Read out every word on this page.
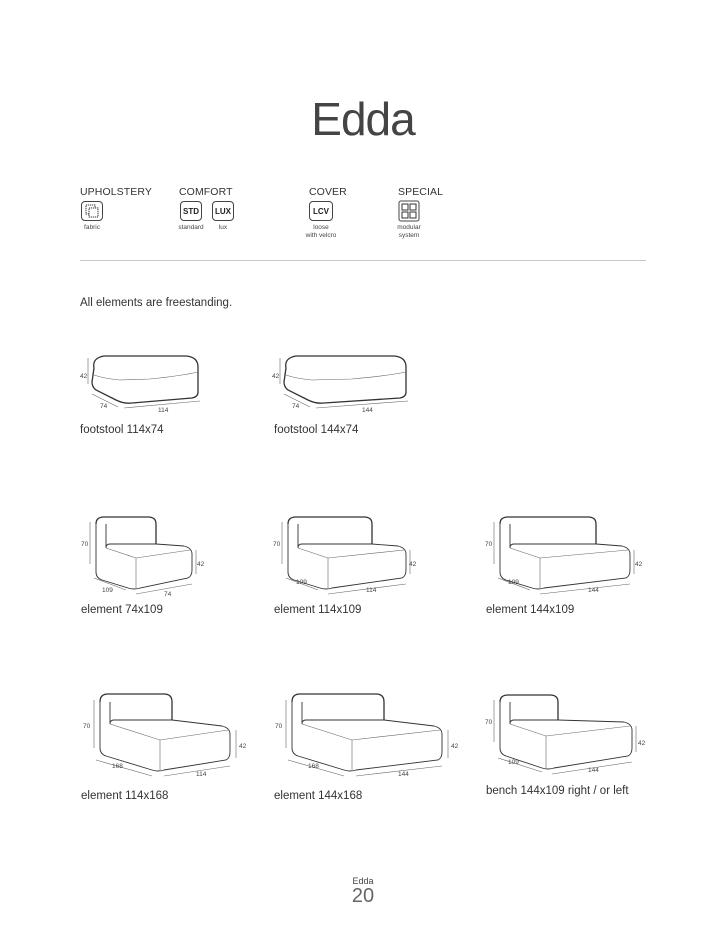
Edda
UPHOLSTERY	COMFORT	COVER	SPECIAL
STD	LUX	LCV
fabric	standard	lux	loose
with velcro
modular
system
All elements are freestanding.
42
74
114
footstool 114x74
42
74
144
footstool 144x74
70
42
109
74
element 74x109
70
42
109
114
element 114x109
70
42
109
144
element 144x109
70
42
168
114
element 114x168
70
42
168
144
element 144x168
70
42
109
144
bench 144x109 right / or left
Edda
20
